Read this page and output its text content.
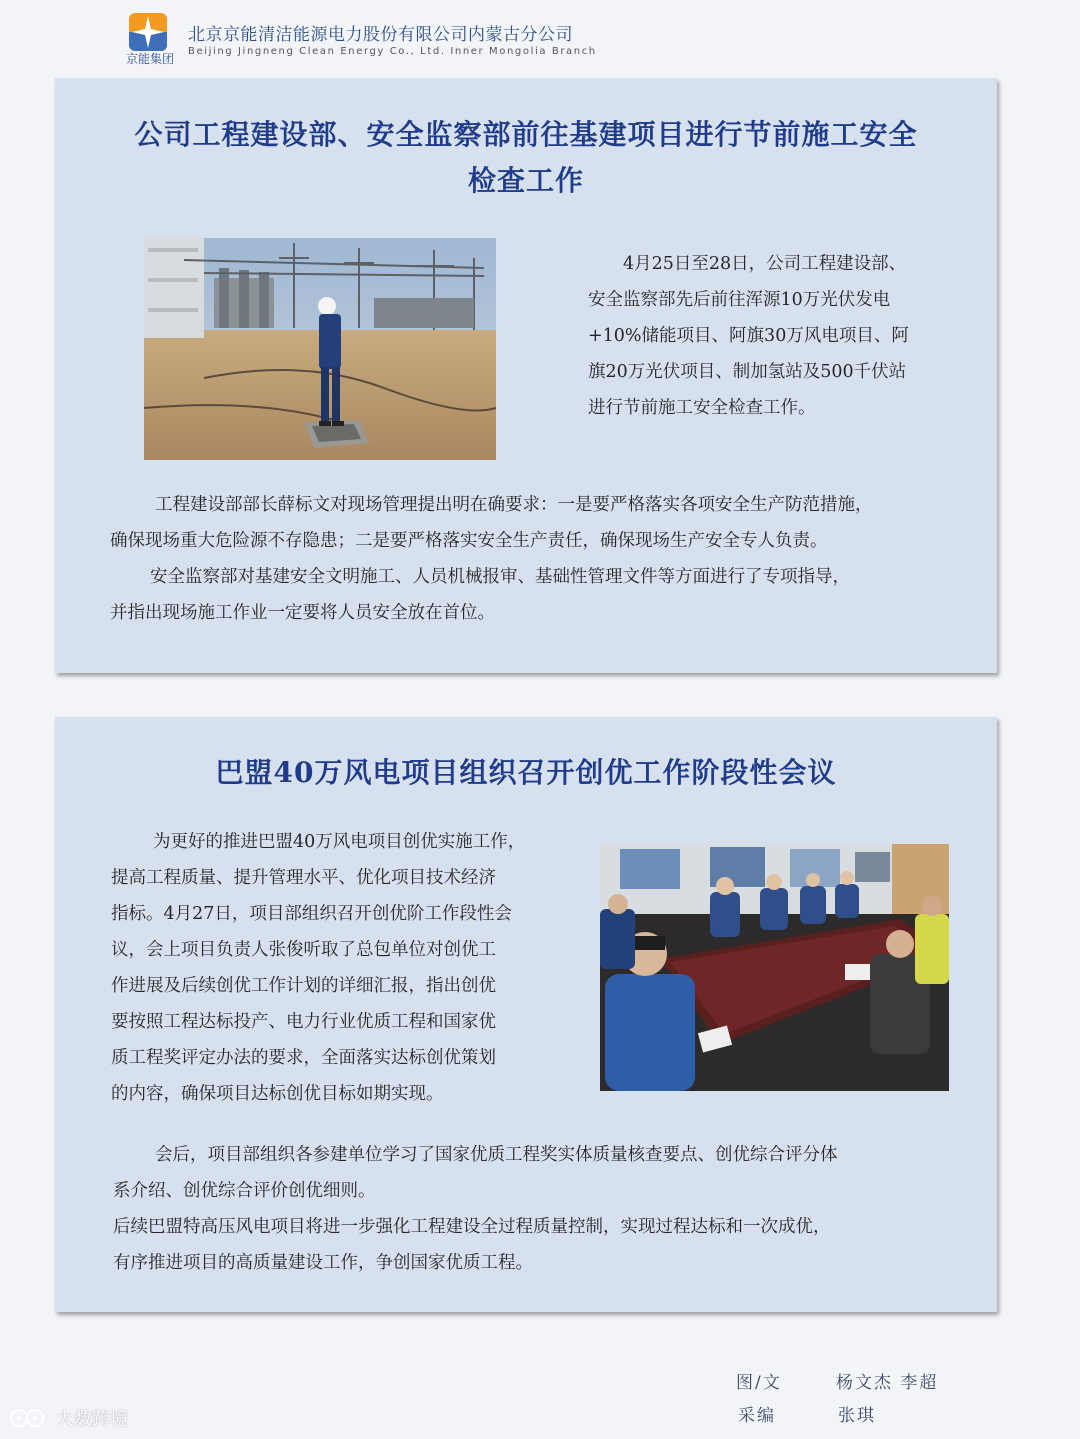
京能集团
北京京能清洁能源电力股份有限公司内蒙古分公司
Beijing Jingneng Clean Energy Co., Ltd. Inner Mongolia Branch
公司工程建设部、安全监察部前往基建项目进行节前施工安全
检查工作
4月25日至28日，公司工程建设部、
安全监察部先后前往浑源10万光伏发电
+10%储能项目、阿旗30万风电项目、阿
旗20万光伏项目、制加氢站及500千伏站
进行节前施工安全检查工作。
工程建设部部长薛标文对现场管理提出明在确要求：一是要严格落实各项安全生产防范措施，
确保现场重大危险源不存隐患；二是要严格落实安全生产责任，确保现场生产安全专人负责。
安全监察部对基建安全文明施工、人员机械报审、基础性管理文件等方面进行了专项指导，
并指出现场施工作业一定要将人员安全放在首位。
巴盟40万风电项目组织召开创优工作阶段性会议
为更好的推进巴盟40万风电项目创优实施工作，
提高工程质量、提升管理水平、优化项目技术经济
指标。4月27日，项目部组织召开创优阶工作段性会
议，会上项目负责人张俊听取了总包单位对创优工
作进展及后续创优工作计划的详细汇报，指出创优
要按照工程达标投产、电力行业优质工程和国家优
质工程奖评定办法的要求，全面落实达标创优策划
的内容，确保项目达标创优目标如期实现。
会后，项目部组织各参建单位学习了国家优质工程奖实体质量核查要点、创优综合评分体
系介绍、创优综合评价创优细则。
后续巴盟特高压风电项目将进一步强化工程建设全过程质量控制，实现过程达标和一次成优，
有序推进项目的高质量建设工作，争创国家优质工程。
图/文	杨文杰 李超
采编	张琪
大数跨境
